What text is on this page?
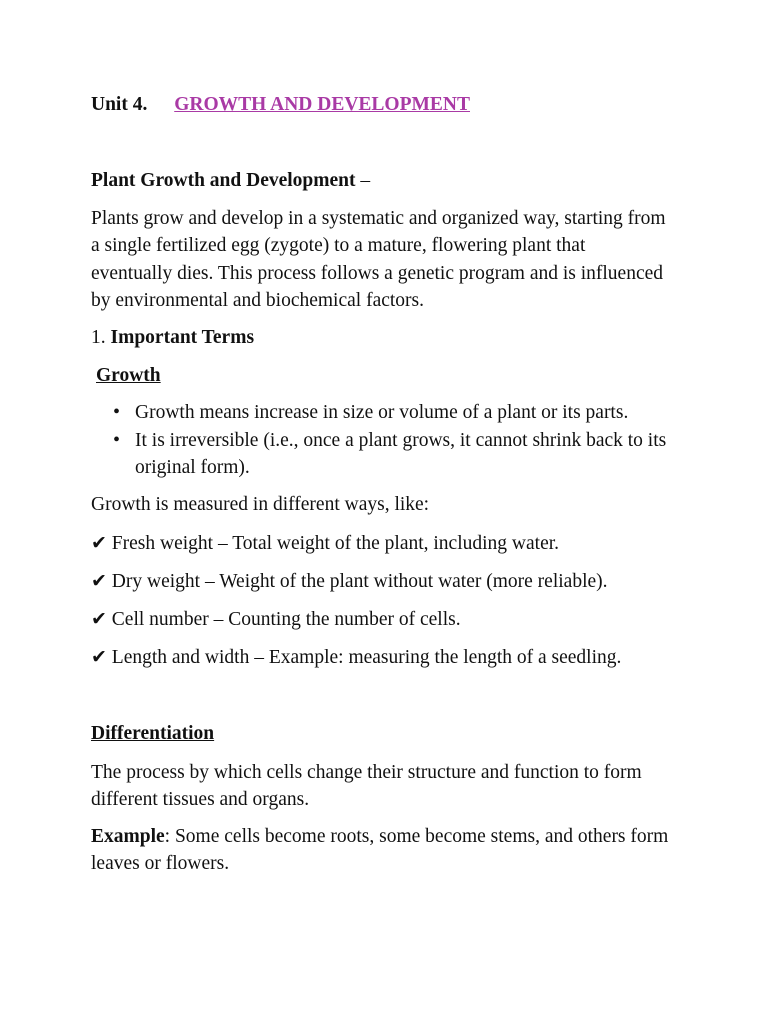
Unit 4. GROWTH AND DEVELOPMENT
Plant Growth and Development –
Plants grow and develop in a systematic and organized way, starting from a single fertilized egg (zygote) to a mature, flowering plant that eventually dies. This process follows a genetic program and is influenced by environmental and biochemical factors.
1. Important Terms
Growth
• Growth means increase in size or volume of a plant or its parts.
• It is irreversible (i.e., once a plant grows, it cannot shrink back to its original form).
Growth is measured in different ways, like:
✔ Fresh weight – Total weight of the plant, including water.
✔ Dry weight – Weight of the plant without water (more reliable).
✔ Cell number – Counting the number of cells.
✔ Length and width – Example: measuring the length of a seedling.
Differentiation
The process by which cells change their structure and function to form different tissues and organs.
Example: Some cells become roots, some become stems, and others form leaves or flowers.
